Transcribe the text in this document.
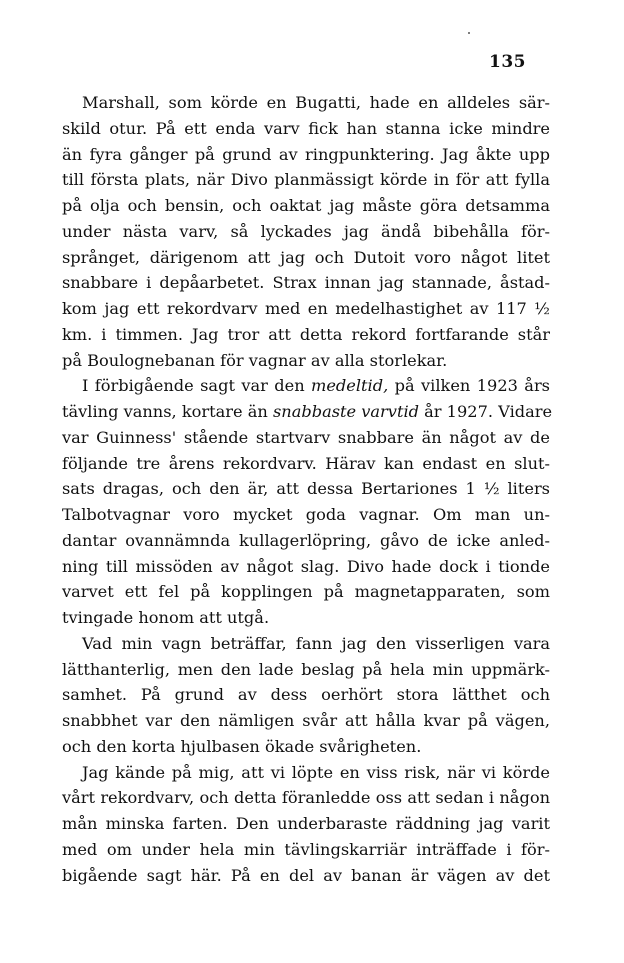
135
Marshall, som körde en Bugatti, hade en alldeles sär-
skild otur. På ett enda varv fick han stanna icke mindre
än fyra gånger på grund av ringpunktering. Jag åkte upp
till första plats, när Divo planmässigt körde in för att fylla
på olja och bensin, och oaktat jag måste göra detsamma
under nästa varv, så lyckades jag ändå bibehålla för-
språnget, därigenom att jag och Dutoit voro något litet
snabbare i depåarbetet. Strax innan jag stannade, åstad-
kom jag ett rekordvarv med en medelhastighet av 117 ½
km. i timmen. Jag tror att detta rekord fortfarande står
på Boulognebanan för vagnar av alla storlekar.
I förbigående sagt var den medeltid, på vilken 1923 års
tävling vanns, kortare än snabbaste varvtid år 1927. Vidare
var Guinness' stående startvarv snabbare än något av de
följande tre årens rekordvarv. Härav kan endast en slut-
sats dragas, och den är, att dessa Bertariones 1 ½ liters
Talbotvagnar voro mycket goda vagnar. Om man un-
dantar ovannämnda kullagerlöpring, gåvo de icke anled-
ning till missöden av något slag. Divo hade dock i tionde
varvet ett fel på kopplingen på magnetapparaten, som
tvingade honom att utgå.
Vad min vagn beträffar, fann jag den visserligen vara
lätthanterlig, men den lade beslag på hela min uppmärk-
samhet. På grund av dess oerhört stora lätthet och
snabbhet var den nämligen svår att hålla kvar på vägen,
och den korta hjulbasen ökade svårigheten.
Jag kände på mig, att vi löpte en viss risk, när vi körde
vårt rekordvarv, och detta föranledde oss att sedan i någon
mån minska farten. Den underbaraste räddning jag varit
med om under hela min tävlingskarriär inträffade i för-
bigående sagt här. På en del av banan är vägen av det
